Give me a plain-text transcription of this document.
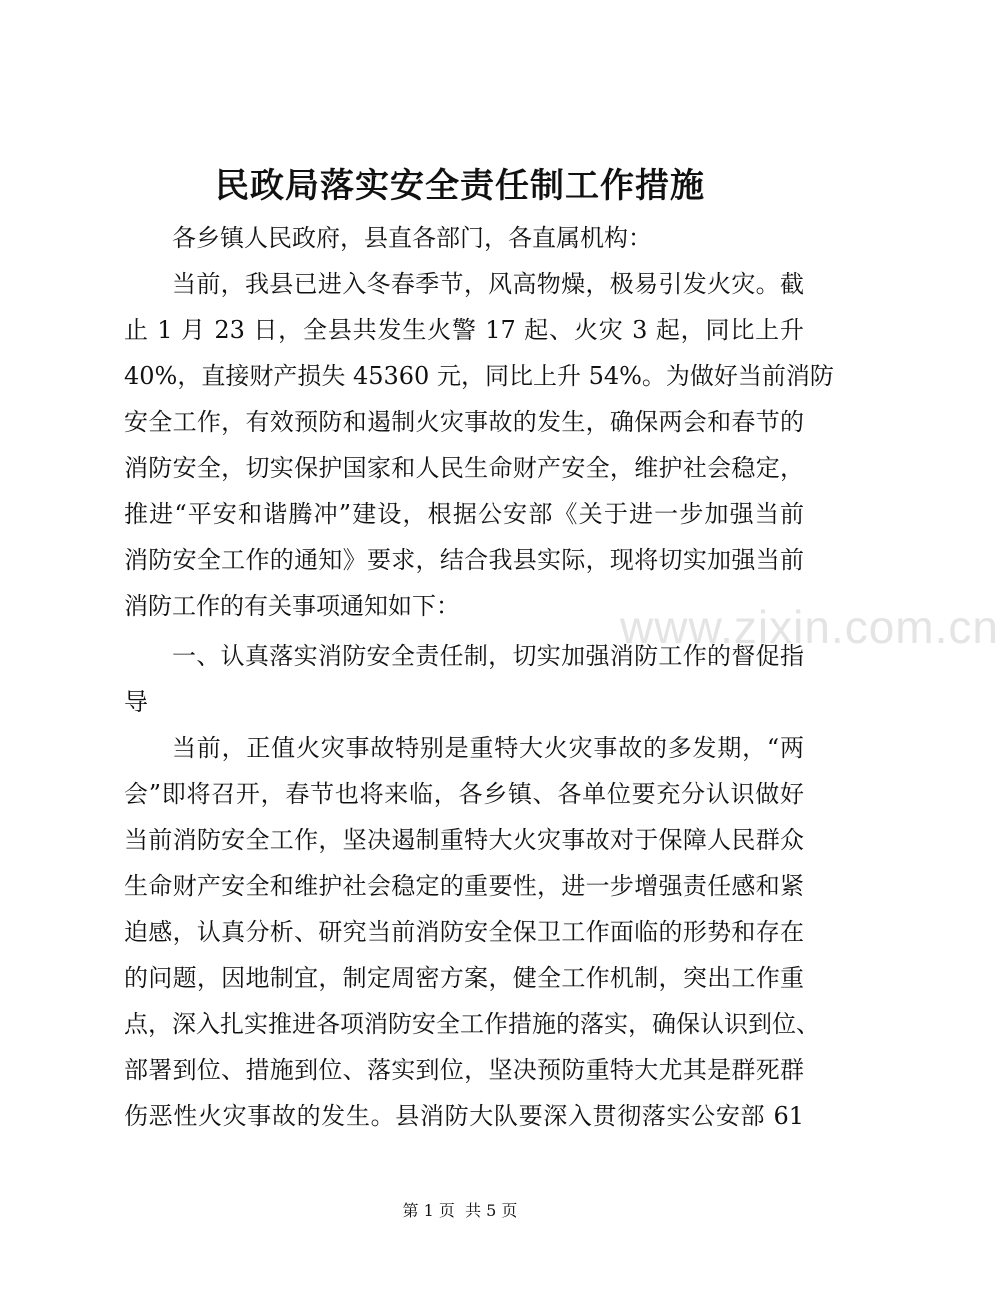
www.zixin.com.cn
民政局落实安全责任制工作措施
各乡镇人民政府，县直各部门，各直属机构：
当前，我县已进入冬春季节，风高物燥，极易引发火灾。截
止 1 月 23 日，全县共发生火警 17 起、火灾 3 起，同比上升
40%，直接财产损失 45360 元，同比上升 54%。为做好当前消防
安全工作，有效预防和遏制火灾事故的发生，确保两会和春节的
消防安全，切实保护国家和人民生命财产安全，维护社会稳定，
推进“平安和谐腾冲”建设，根据公安部《关于进一步加强当前
消防安全工作的通知》要求，结合我县实际，现将切实加强当前
消防工作的有关事项通知如下：
一、认真落实消防安全责任制，切实加强消防工作的督促指
导
当前，正值火灾事故特别是重特大火灾事故的多发期，“两
会”即将召开，春节也将来临，各乡镇、各单位要充分认识做好
当前消防安全工作，坚决遏制重特大火灾事故对于保障人民群众
生命财产安全和维护社会稳定的重要性，进一步增强责任感和紧
迫感，认真分析、研究当前消防安全保卫工作面临的形势和存在
的问题，因地制宜，制定周密方案，健全工作机制，突出工作重
点，深入扎实推进各项消防安全工作措施的落实，确保认识到位、
部署到位、措施到位、落实到位，坚决预防重特大尤其是群死群
伤恶性火灾事故的发生。县消防大队要深入贯彻落实公安部 61
第 1 页  共 5 页
